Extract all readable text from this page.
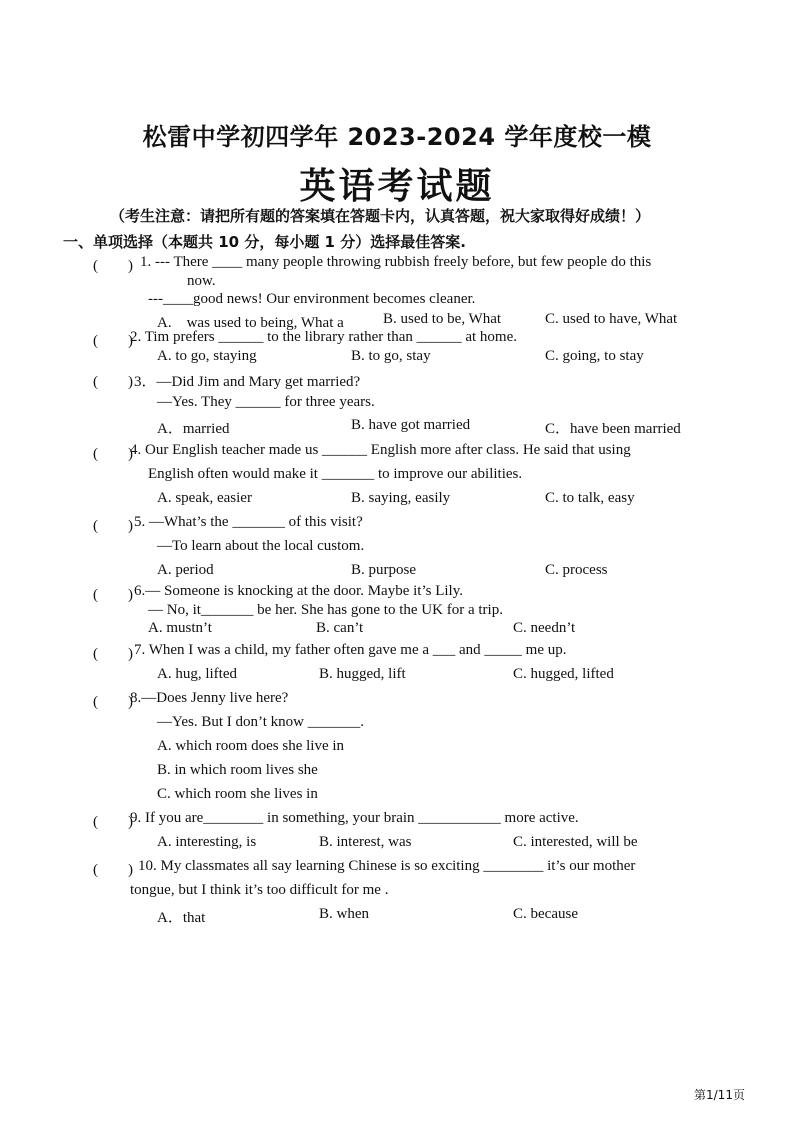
松雷中学初四学年 2023-2024 学年度校一模
英语考试题
（考生注意：请把所有题的答案填在答题卡内，认真答题，祝大家取得好成绩！）
一、单项选择（本题共 10 分，每小题 1 分）选择最佳答案.
(　　) 1. --- There ____ many people throwing rubbish freely before, but few people do this
now.
---____good news! Our environment becomes cleaner.
A.　was used to being, What a	B. used to be, What	C. used to have, What
(　　)
2. Tim prefers ______ to the library rather than ______ at home.
A. to go, staying	B. to go, stay	C. going, to stay
(　　) 3．—Did Jim and Mary get married?
—Yes. They ______ for three years.
A．married	B. have got married	C．have been married
(　　)
4. Our English teacher made us ______ English more after class. He said that using
English often would make it _______ to improve our abilities.
A. speak, easier	B. saying, easily	C. to talk, easy
(　　) 5. —What’s the _______ of this visit?
—To learn about the local custom.
A. period	B. purpose	C. process
(　　) 6.— Someone is knocking at the door. Maybe it’s Lily.
— No, it_______ be her. She has gone to the UK for a trip.
A. mustn’t	B. can’t	C. needn’t
(　　) 7. When I was a child, my father often gave me a ___ and _____ me up.
A. hug, lifted	B. hugged, lift	C. hugged, lifted
(　　)
8.—Does Jenny live here?
—Yes. But I don’t know _______.
A. which room does she live in
B. in which room lives she
C. which room she lives in
(　　)
9. If you are________ in something, your brain ___________ more active.
A. interesting, is	B. interest, was	C. interested, will be
(　　) 10. My classmates all say learning Chinese is so exciting ________ it’s our mother
tongue, but I think it’s too difficult for me .
A．that	B. when	C. because
第1/11页
